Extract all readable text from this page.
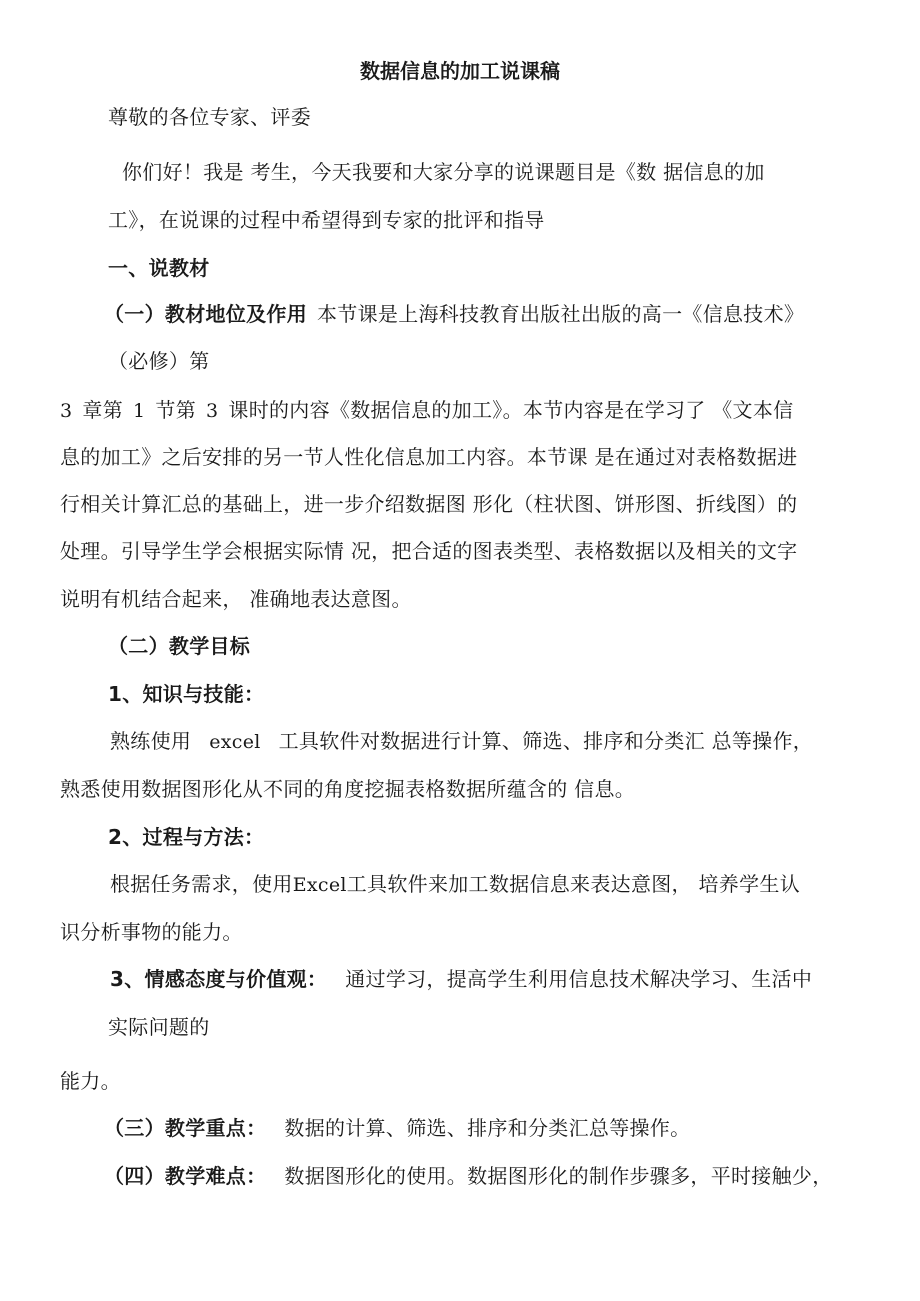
数据信息的加工说课稿
尊敬的各位专家、评委
你们好！我是 考生，今天我要和大家分享的说课题目是《数 据信息的加
工》，在说课的过程中希望得到专家的批评和指导
一、说教材
（一）教材地位及作用 本节课是上海科技教育出版社出版的高一《信息技术》
（必修）第
3 章第 1 节第 3 课时的内容《数据信息的加工》。本节内容是在学习了 《文本信
息的加工》之后安排的另一节人性化信息加工内容。本节课 是在通过对表格数据进
行相关计算汇总的基础上，进一步介绍数据图 形化（柱状图、饼形图、折线图）的
处理。引导学生学会根据实际情 况，把合适的图表类型、表格数据以及相关的文字
说明有机结合起来， 准确地表达意图。
（二）教学目标
1、知识与技能：
熟练使用 excel 工具软件对数据进行计算、筛选、排序和分类汇 总等操作，
熟悉使用数据图形化从不同的角度挖掘表格数据所蕴含的 信息。
2、过程与方法：
根据任务需求，使用Excel工具软件来加工数据信息来表达意图， 培养学生认
识分析事物的能力。
3、情感态度与价值观： 通过学习，提高学生利用信息技术解决学习、生活中
实际问题的
能力。
（三）教学重点： 数据的计算、筛选、排序和分类汇总等操作。
（四）教学难点： 数据图形化的使用。数据图形化的制作步骤多，平时接触少，
